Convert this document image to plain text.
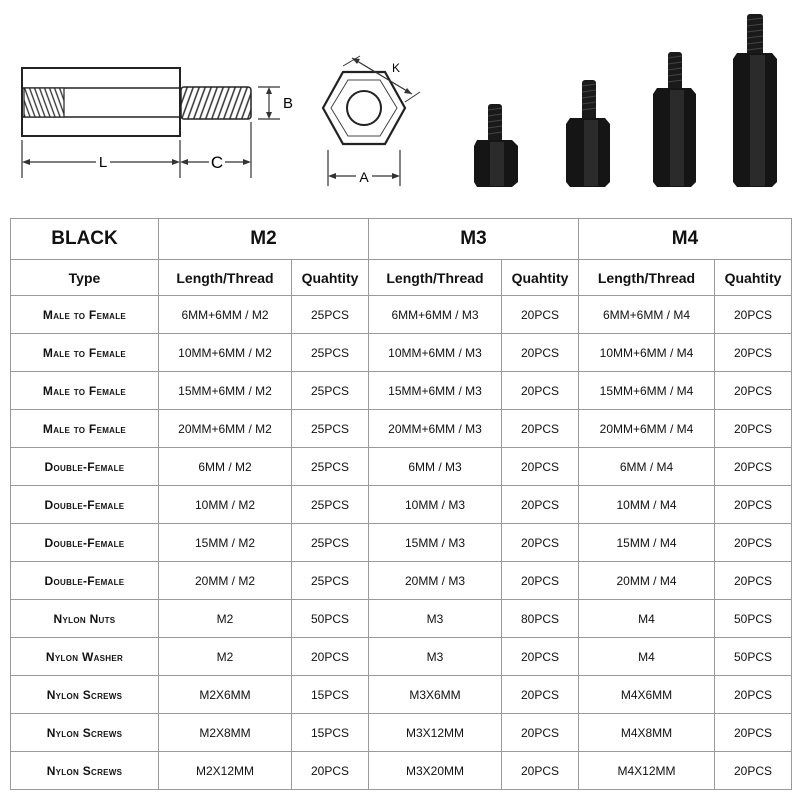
L	C
B
K
A
BLACK	M2		M3		M4	
Type	Length/Thread	Quahtity	Length/Thread	Quahtity	Length/Thread	Quahtity
Male to Female	6MM+6MM / M2	25PCS	6MM+6MM / M3	20PCS	6MM+6MM / M4	20PCS
Male to Female	10MM+6MM / M2	25PCS	10MM+6MM / M3	20PCS	10MM+6MM / M4	20PCS
Male to Female	15MM+6MM / M2	25PCS	15MM+6MM / M3	20PCS	15MM+6MM / M4	20PCS
Male to Female	20MM+6MM / M2	25PCS	20MM+6MM / M3	20PCS	20MM+6MM / M4	20PCS
Double-Female	6MM / M2	25PCS	6MM / M3	20PCS	6MM / M4	20PCS
Double-Female	10MM / M2	25PCS	10MM / M3	20PCS	10MM / M4	20PCS
Double-Female	15MM / M2	25PCS	15MM / M3	20PCS	15MM / M4	20PCS
Double-Female	20MM / M2	25PCS	20MM / M3	20PCS	20MM / M4	20PCS
Nylon Nuts	M2	50PCS	M3	80PCS	M4	50PCS
Nylon Washer	M2	20PCS	M3	20PCS	M4	50PCS
Nylon Screws	M2X6MM	15PCS	M3X6MM	20PCS	M4X6MM	20PCS
Nylon Screws	M2X8MM	15PCS	M3X12MM	20PCS	M4X8MM	20PCS
Nylon Screws	M2X12MM	20PCS	M3X20MM	20PCS	M4X12MM	20PCS
